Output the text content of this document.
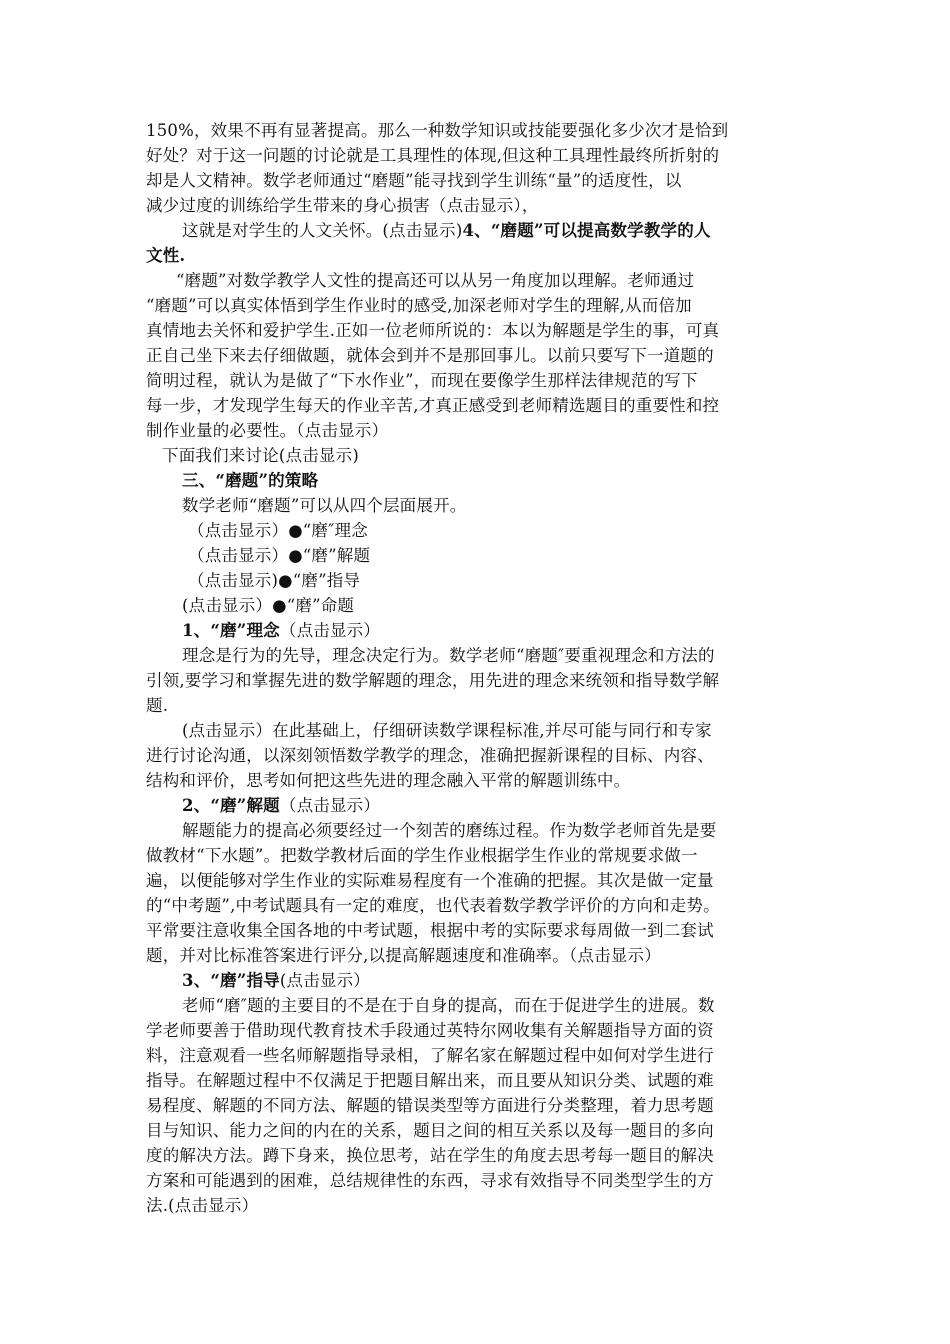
150%，效果不再有显著提高。那么一种数学知识或技能要强化多少次才是恰到
好处？对于这一问题的讨论就是工具理性的体现,但这种工具理性最终所折射的
却是人文精神。数学老师通过“磨题”能寻找到学生训练“量”的适度性，以
减少过度的训练给学生带来的身心损害（点击显示），
这就是对学生的人文关怀。(点击显示)4、“磨题”可以提高数学教学的人
文性.
“磨题”对数学教学人文性的提高还可以从另一角度加以理解。老师通过
“磨题”可以真实体悟到学生作业时的感受,加深老师对学生的理解,从而倍加
真情地去关怀和爱护学生.正如一位老师所说的：本以为解题是学生的事，可真
正自己坐下来去仔细做题，就体会到并不是那回事儿。以前只要写下一道题的
简明过程，就认为是做了“下水作业”，而现在要像学生那样法律规范的写下
每一步，才发现学生每天的作业辛苦,才真正感受到老师精选题目的重要性和控
制作业量的必要性。（点击显示）
下面我们来讨论(点击显示)
三、“磨题”的策略
数学老师“磨题”可以从四个层面展开。
（点击显示）●“磨″理念
（点击显示）●“磨”解题
（点击显示)●“磨”指导
(点击显示）●“磨”命题
1、“磨”理念（点击显示）
理念是行为的先导，理念决定行为。数学老师“磨题″要重视理念和方法的
引领,要学习和掌握先进的数学解题的理念，用先进的理念来统领和指导数学解
题.
(点击显示）在此基础上，仔细研读数学课程标准,并尽可能与同行和专家
进行讨论沟通，以深刻领悟数学教学的理念，准确把握新课程的目标、内容、
结构和评价，思考如何把这些先进的理念融入平常的解题训练中。
2、“磨”解题（点击显示）
解题能力的提高必须要经过一个刻苦的磨练过程。作为数学老师首先是要
做教材“下水题”。把数学教材后面的学生作业根据学生作业的常规要求做一
遍，以便能够对学生作业的实际难易程度有一个准确的把握。其次是做一定量
的“中考题”,中考试题具有一定的难度，也代表着数学教学评价的方向和走势。
平常要注意收集全国各地的中考试题，根据中考的实际要求每周做一到二套试
题，并对比标准答案进行评分,以提高解题速度和准确率。（点击显示）
3、“磨”指导(点击显示）
老师“磨″题的主要目的不是在于自身的提高，而在于促进学生的进展。数
学老师要善于借助现代教育技术手段通过英特尔网收集有关解题指导方面的资
料，注意观看一些名师解题指导录相，了解名家在解题过程中如何对学生进行
指导。在解题过程中不仅满足于把题目解出来，而且要从知识分类、试题的难
易程度、解题的不同方法、解题的错误类型等方面进行分类整理，着力思考题
目与知识、能力之间的内在的关系，题目之间的相互关系以及每一题目的多向
度的解决方法。蹲下身来，换位思考，站在学生的角度去思考每一题目的解决
方案和可能遇到的困难，总结规律性的东西，寻求有效指导不同类型学生的方
法.(点击显示）
